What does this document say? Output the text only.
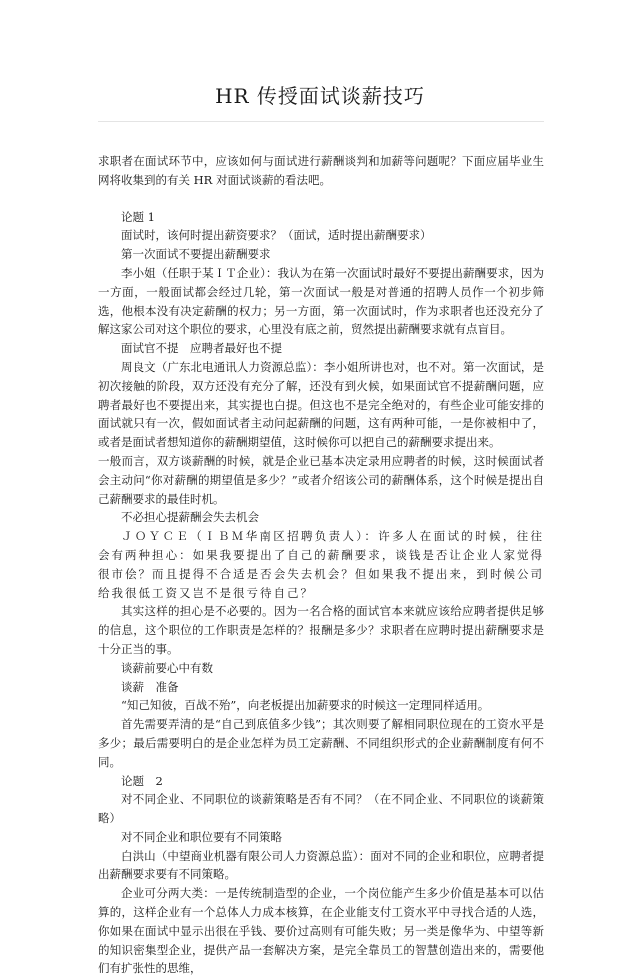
HR 传授面试谈薪技巧

求职者在面试环节中，应该如何与面试进行薪酬谈判和加薪等问题呢？下面应届毕业生网将收集到的有关 HR 对面试谈薪的看法吧。

论题 1

面试时，该何时提出薪资要求？（面试，适时提出薪酬要求）

第一次面试不要提出薪酬要求

李小姐（任职于某ＩＴ企业）：我认为在第一次面试时最好不要提出薪酬要求，因为一方面，一般面试都会经过几轮，第一次面试一般是对普通的招聘人员作一个初步筛选，他根本没有决定薪酬的权力；另一方面，第一次面试时，作为求职者也还没充分了解这家公司对这个职位的要求，心里没有底之前，贸然提出薪酬要求就有点盲目。

面试官不提　应聘者最好也不提

周良文（广东北电通讯人力资源总监）：李小姐所讲也对，也不对。第一次面试，是初次接触的阶段，双方还没有充分了解，还没有到火候，如果面试官不提薪酬问题，应聘者最好也不要提出来，其实提也白提。但这也不是完全绝对的，有些企业可能安排的面试就只有一次，假如面试者主动问起薪酬的问题，这有两种可能，一是你被相中了，或者是面试者想知道你的薪酬期望值，这时候你可以把自己的薪酬要求提出来。

一般而言，双方谈薪酬的时候，就是企业已基本决定录用应聘者的时候，这时候面试者会主动问“你对薪酬的期望值是多少？”或者介绍该公司的薪酬体系，这个时候是提出自己薪酬要求的最佳时机。

不必担心提薪酬会失去机会

ＪＯＹＣＥ（ＩＢＭ华南区招聘负责人）：许多人在面试的时候，往往会有两种担心：如果我要提出了自己的薪酬要求，谈钱是否让企业人家觉得很市侩？而且提得不合适是否会失去机会？但如果我不提出来，到时候公司给我很低工资又岂不是很亏待自己？

其实这样的担心是不必要的。因为一名合格的面试官本来就应该给应聘者提供足够的信息，这个职位的工作职责是怎样的？报酬是多少？求职者在应聘时提出薪酬要求是十分正当的事。

谈薪前要心中有数

谈薪　准备

“知己知彼，百战不殆”，向老板提出加薪要求的时候这一定理同样适用。

首先需要弄清的是“自己到底值多少钱”；其次则要了解相同职位现在的工资水平是多少；最后需要明白的是企业怎样为员工定薪酬、不同组织形式的企业薪酬制度有何不同。

论题　2

对不同企业、不同职位的谈薪策略是否有不同？（在不同企业、不同职位的谈薪策略）

对不同企业和职位要有不同策略

白洪山（中望商业机器有限公司人力资源总监）：面对不同的企业和职位，应聘者提出薪酬要求要有不同策略。

企业可分两大类：一是传统制造型的企业，一个岗位能产生多少价值是基本可以估算的，这样企业有一个总体人力成本核算，在企业能支付工资水平中寻找合适的人选，你如果在面试中显示出很在乎钱、要价过高则有可能失败；另一类是像华为、中望等新的知识密集型企业，提供产品一套解决方案，是完全靠员工的智慧创造出来的，需要他们有扩张性的思维，
